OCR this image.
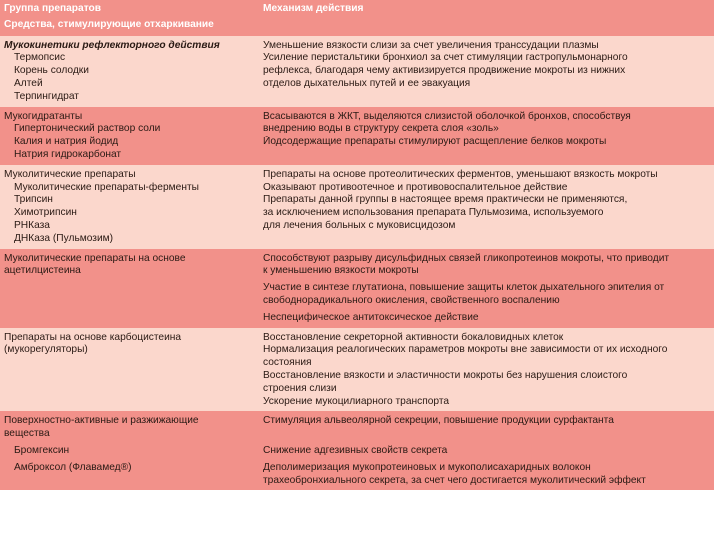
Группа препаратов	Механизм действия
Средства, стимулирующие отхаркивание	
Мукокинетики рефлекторного действия	Уменьшение вязкости слизи за счет увеличения транссудации плазмы
Термопсис	Усиление перистальтики бронхиол за счет стимуляции гастропульмонарного
Корень солодки	рефлекса, благодаря чему активизируется продвижение мокроты из нижних
Алтей	отделов дыхательных путей и ее эвакуация
Терпингидрат	
Мукогидратанты	Всасываются в ЖКТ, выделяются слизистой оболочкой бронхов, способствуя
Гипертонический раствор соли	внедрению воды в структуру секрета слоя «золь»
Калия и натрия йодид	Йодсодержащие препараты стимулируют расщепление белков мокроты
Натрия гидрокарбонат	
Муколитические препараты	Препараты на основе протеолитических ферментов, уменьшают вязкость мокроты
Муколитические препараты-ферменты	Оказывают противоотечное и противовоспалительное действие
Трипсин	Препараты данной группы в настоящее время практически не применяются,
Химотрипсин	за исключением использования препарата Пульмозима, используемого
РНКаза	для лечения больных с муковисцидозом
ДНКаза (Пульмозим)	
Муколитические препараты на основе	Способствуют разрыву дисульфидных связей гликопротеинов мокроты, что приводит
ацетилцистеина	к уменьшению вязкости мокроты
	Участие в синтезе глутатиона, повышение защиты клеток дыхательного эпителия от
	свободнорадикального окисления, свойственного воспалению
	Неспецифическое антитоксическое действие
Препараты на основе карбоцистеина	Восстановление секреторной активности бокаловидных клеток
(мукорегуляторы)	Нормализация реалогических параметров мокроты вне зависимости от их исходного
	состояния
	Восстановление вязкости и эластичности мокроты без нарушения слоистого
	строения слизи
	Ускорение мукоцилиарного транспорта
Поверхностно-активные и разжижающие	Стимуляция альвеолярной секреции, повышение продукции сурфактанта
вещества	
Бромгексин	Снижение адгезивных свойств секрета
Амброксол (Флавамед®)	Деполимеризация мукопротеиновых и мукополисахаридных волокон
	трахеобронхиального секрета, за счет чего достигается муколитический эффект
